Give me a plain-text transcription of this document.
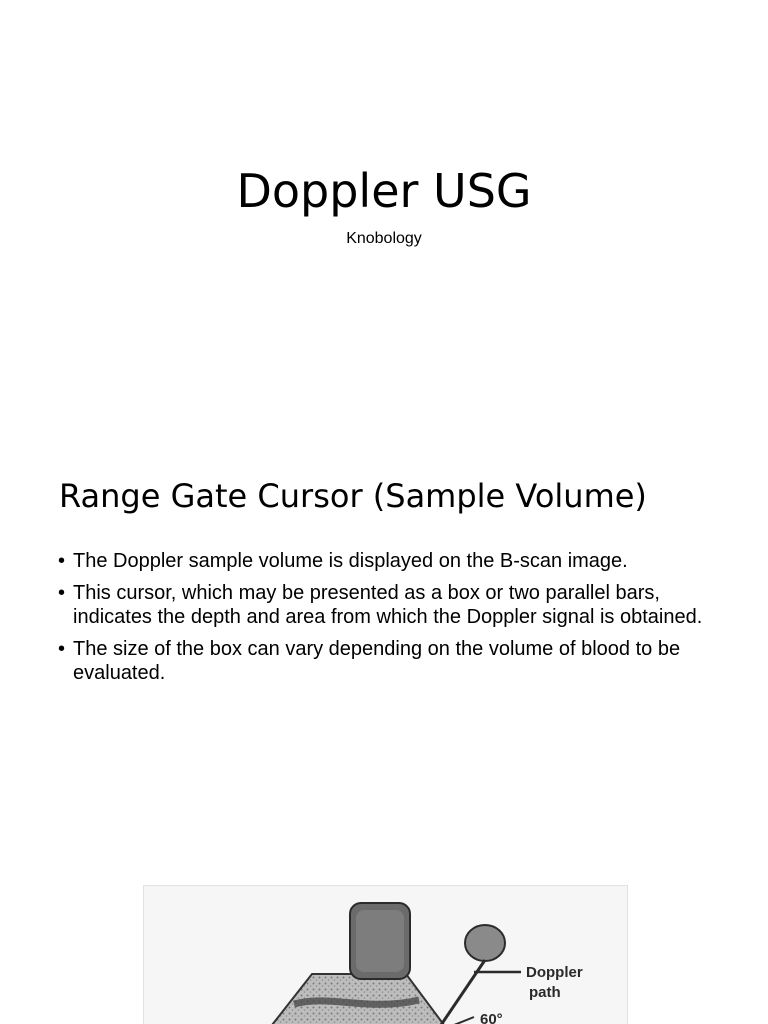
Doppler USG
Knobology
Range Gate Cursor (Sample Volume)
• The Doppler sample volume is displayed on the B-scan image.
• This cursor, which may be presented as a box or two parallel bars, indicates the depth and area from which the Doppler signal is obtained.
• The size of the box can vary depending on the volume of blood to be evaluated.
Doppler
path
60°
